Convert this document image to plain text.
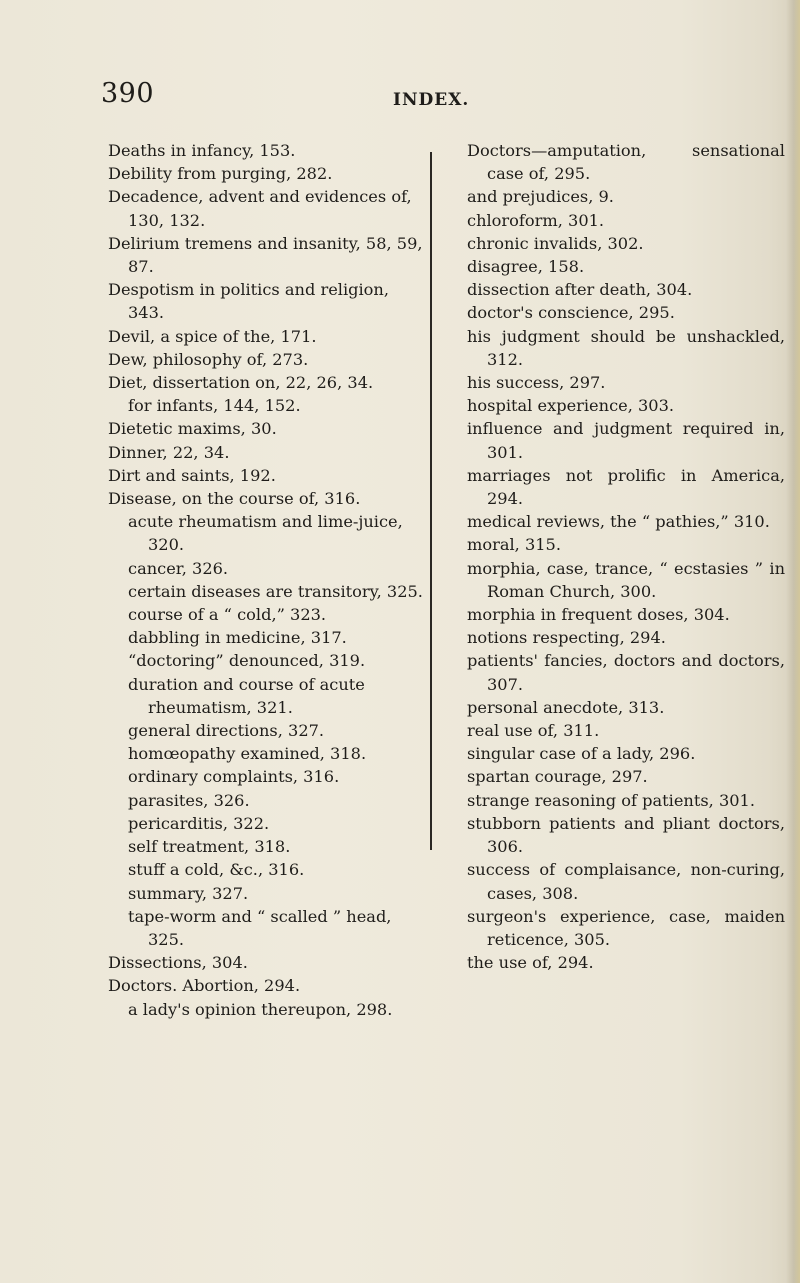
390	INDEX.
Deaths in infancy, 153.
Debility from purging, 282.
Decadence, advent and evidences of, 130, 132.
Delirium tremens and insanity, 58, 59, 87.
Despotism in politics and religion, 343.
Devil, a spice of the, 171.
Dew, philosophy of, 273.
Diet, dissertation on, 22, 26, 34.
for infants, 144, 152.
Dietetic maxims, 30.
Dinner, 22, 34.
Dirt and saints, 192.
Disease, on the course of, 316.
acute rheumatism and lime-juice, 320.
cancer, 326.
certain diseases are transitory, 325.
course of a “ cold,” 323.
dabbling in medicine, 317.
“doctoring” denounced, 319.
duration and course of acute rheumatism, 321.
general directions, 327.
homœopathy examined, 318.
ordinary complaints, 316.
parasites, 326.
pericarditis, 322.
self treatment, 318.
stuff a cold, &c., 316.
summary, 327.
tape-worm and “ scalled ” head, 325.
Dissections, 304.
Doctors. Abortion, 294.
a lady's opinion thereupon, 298.
Doctors—amputation, sensational case of, 295.
and prejudices, 9.
chloroform, 301.
chronic invalids, 302.
disagree, 158.
dissection after death, 304.
doctor's conscience, 295.
his judgment should be unshackled, 312.
his success, 297.
hospital experience, 303.
influence and judgment required in, 301.
marriages not prolific in America, 294.
medical reviews, the “ pathies,” 310.
moral, 315.
morphia, case, trance, “ ecstasies ” in Roman Church, 300.
morphia in frequent doses, 304.
notions respecting, 294.
patients' fancies, doctors and doctors, 307.
personal anecdote, 313.
real use of, 311.
singular case of a lady, 296.
spartan courage, 297.
strange reasoning of patients, 301.
stubborn patients and pliant doctors, 306.
success of complaisance, non-curing, cases, 308.
surgeon's experience, case, maiden reticence, 305.
the use of, 294.
